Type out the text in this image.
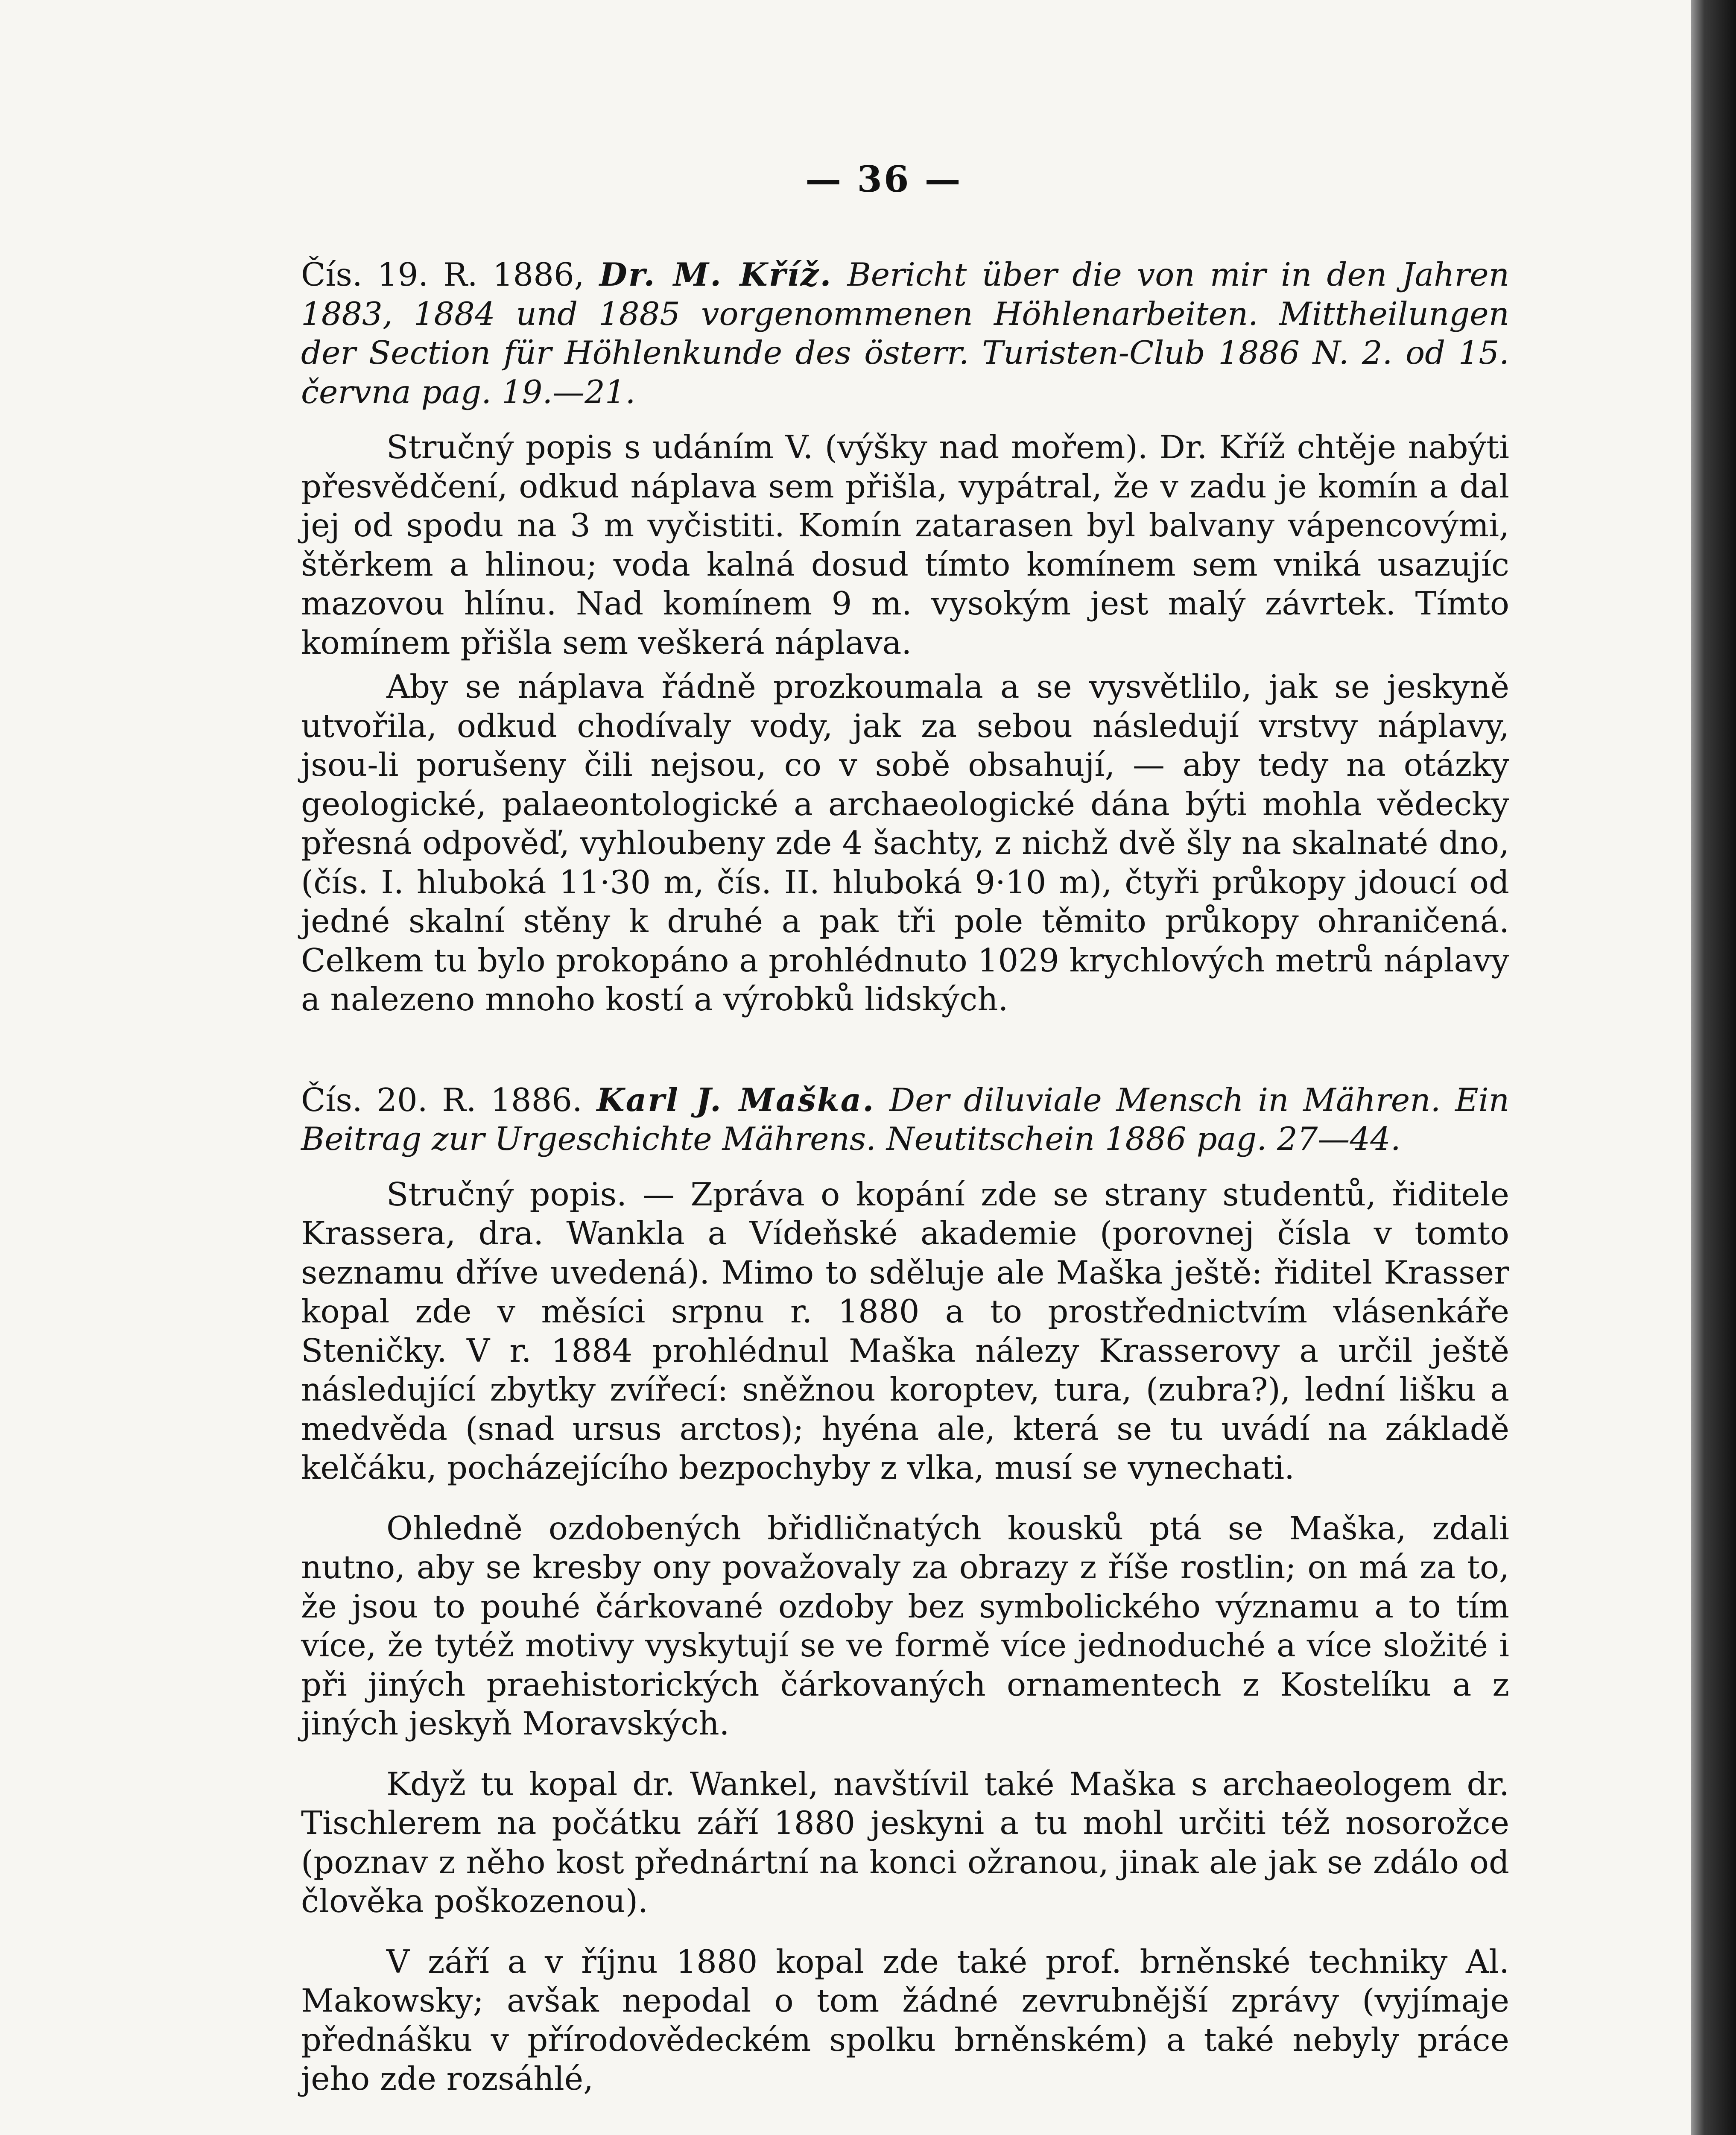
— 36 —

Čís. 19. R. 1886, Dr. M. Kříž. Bericht über die von mir in den Jahren 1883, 1884 und 1885 vorgenommenen Höhlenarbeiten. Mittheilungen der Section für Höhlenkunde des österr. Turisten-Club 1886 N. 2. od 15. června pag. 19.—21.

Stručný popis s udáním V. (výšky nad mořem). Dr. Kříž chtěje nabýti přesvědčení, odkud náplava sem přišla, vypátral, že v zadu je komín a dal jej od spodu na 3 m vyčistiti. Komín zatarasen byl balvany vápencovými, štěrkem a hlinou; voda kalná dosud tímto komínem sem vniká usazujíc mazovou hlínu. Nad komínem 9 m. vysokým jest malý závrtek. Tímto komínem přišla sem veškerá náplava.

Aby se náplava řádně prozkoumala a se vysvětlilo, jak se jeskyně utvořila, odkud chodívaly vody, jak za sebou následují vrstvy náplavy, jsou-li porušeny čili nejsou, co v sobě obsahují, — aby tedy na otázky geologické, palaeontologické a archaeologické dána býti mohla vědecky přesná odpověď, vyhloubeny zde 4 šachty, z nichž dvě šly na skalnaté dno, (čís. I. hluboká 11·30 m, čís. II. hluboká 9·10 m), čtyři průkopy jdoucí od jedné skalní stěny k druhé a pak tři pole těmito průkopy ohraničená. Celkem tu bylo prokopáno a prohlédnuto 1029 krychlových metrů náplavy a nalezeno mnoho kostí a výrobků lidských.

Čís. 20. R. 1886. Karl J. Maška. Der diluviale Mensch in Mähren. Ein Beitrag zur Urgeschichte Mährens. Neutitschein 1886 pag. 27—44.

Stručný popis. — Zpráva o kopání zde se strany studentů, řiditele Krassera, dra. Wankla a Vídeňské akademie (porovnej čísla v tomto seznamu dříve uvedená). Mimo to sděluje ale Maška ještě: řiditel Krasser kopal zde v měsíci srpnu r. 1880 a to prostřednictvím vlásenkáře Steničky. V r. 1884 prohlédnul Maška nálezy Krasserovy a určil ještě následující zbytky zvířecí: sněžnou koroptev, tura, (zubra?), lední lišku a medvěda (snad ursus arctos); hyéna ale, která se tu uvádí na základě kelčáku, pocházejícího bezpochyby z vlka, musí se vynechati.

Ohledně ozdobených břidličnatých kousků ptá se Maška, zdali nutno, aby se kresby ony považovaly za obrazy z říše rostlin; on má za to, že jsou to pouhé čárkované ozdoby bez symbolického významu a to tím více, že tytéž motivy vyskytují se ve formě více jednoduché a více složité i při jiných praehistorických čárkovaných ornamentech z Kostelíku a z jiných jeskyň Moravských.

Když tu kopal dr. Wankel, navštívil také Maška s archaeologem dr. Tischlerem na počátku září 1880 jeskyni a tu mohl určiti též nosorožce (poznav z něho kost přednártní na konci ožranou, jinak ale jak se zdálo od člověka poškozenou).

V září a v říjnu 1880 kopal zde také prof. brněnské techniky Al. Makowsky; avšak nepodal o tom žádné zevrubnější zprávy (vyjímaje přednášku v přírodovědeckém spolku brněnském) a také nebyly práce jeho zde rozsáhlé,
